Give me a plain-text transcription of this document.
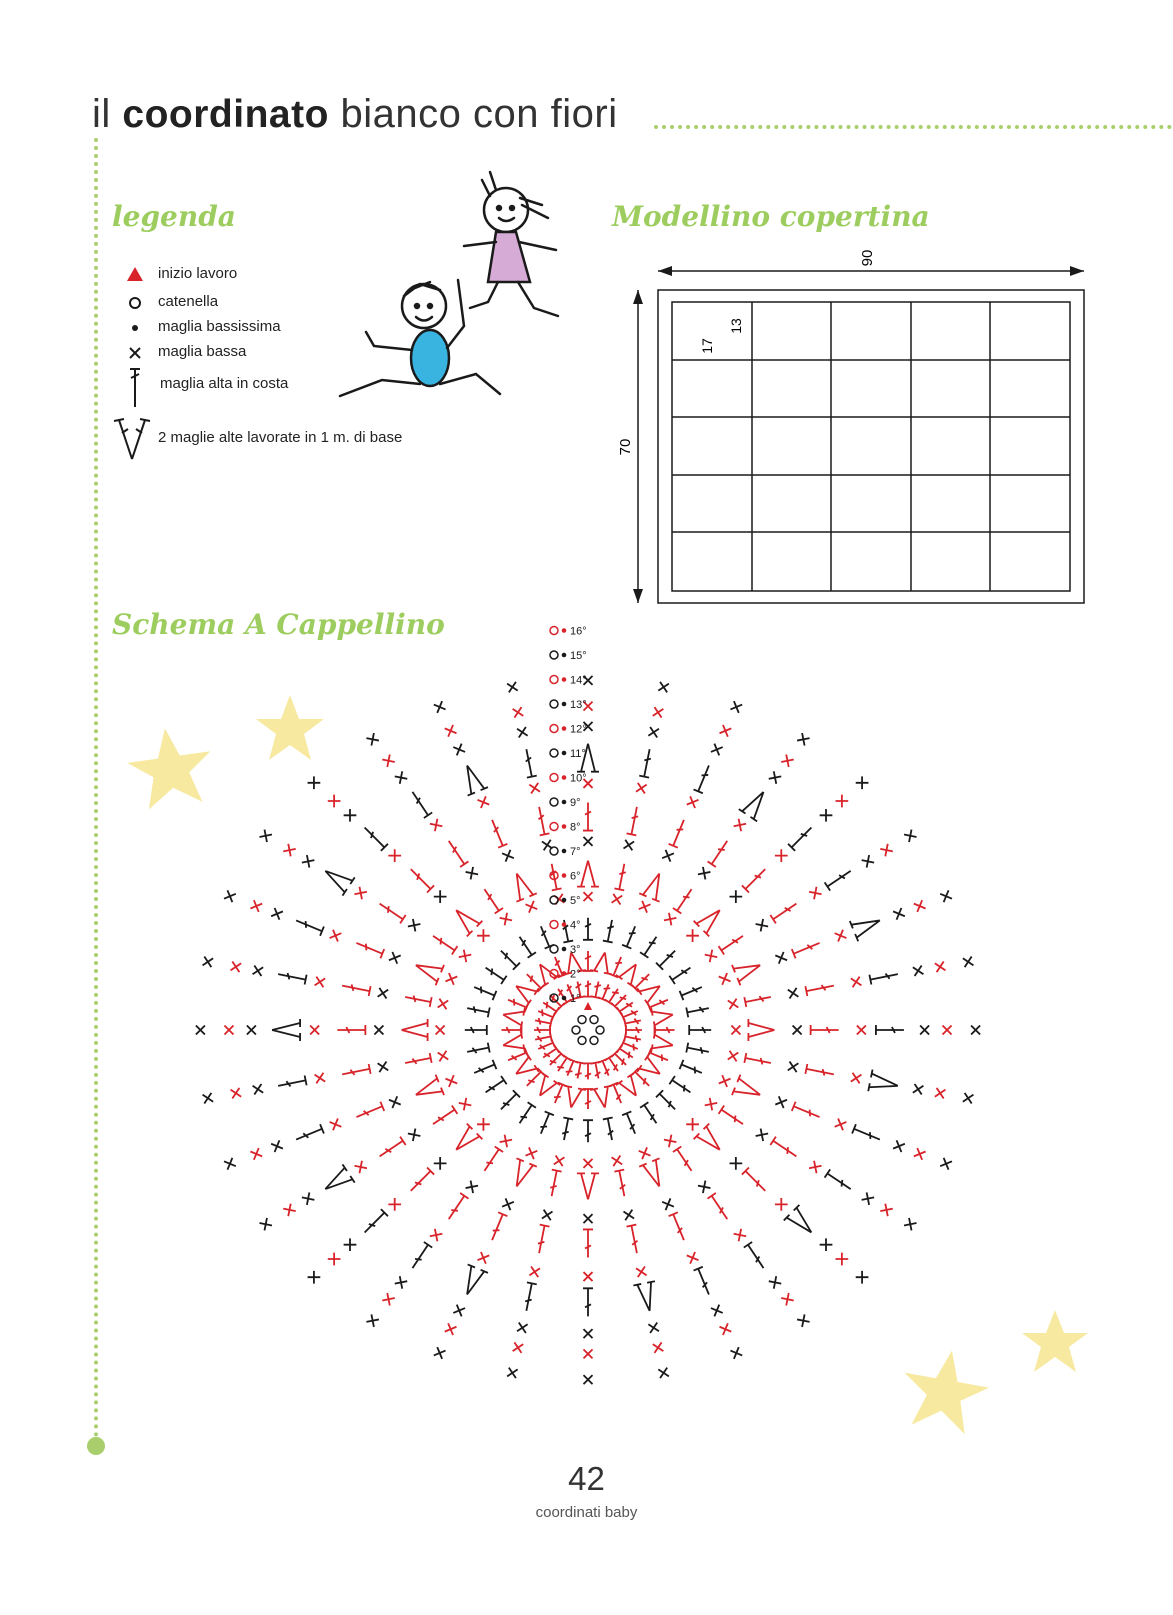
il coordinato bianco con fiori
legenda	Modellino copertina
Schema A Cappellino
inizio lavoro
catenella
maglia bassissima
maglia bassa
maglia alta in costa
2 maglie alte lavorate in 1 m. di base
90
70
17
13
1°
2°
3°
4°
5°
6°
7°
8°
9°
10°
11°
12°
13°
14°
15°
16°
42
coordinati baby
